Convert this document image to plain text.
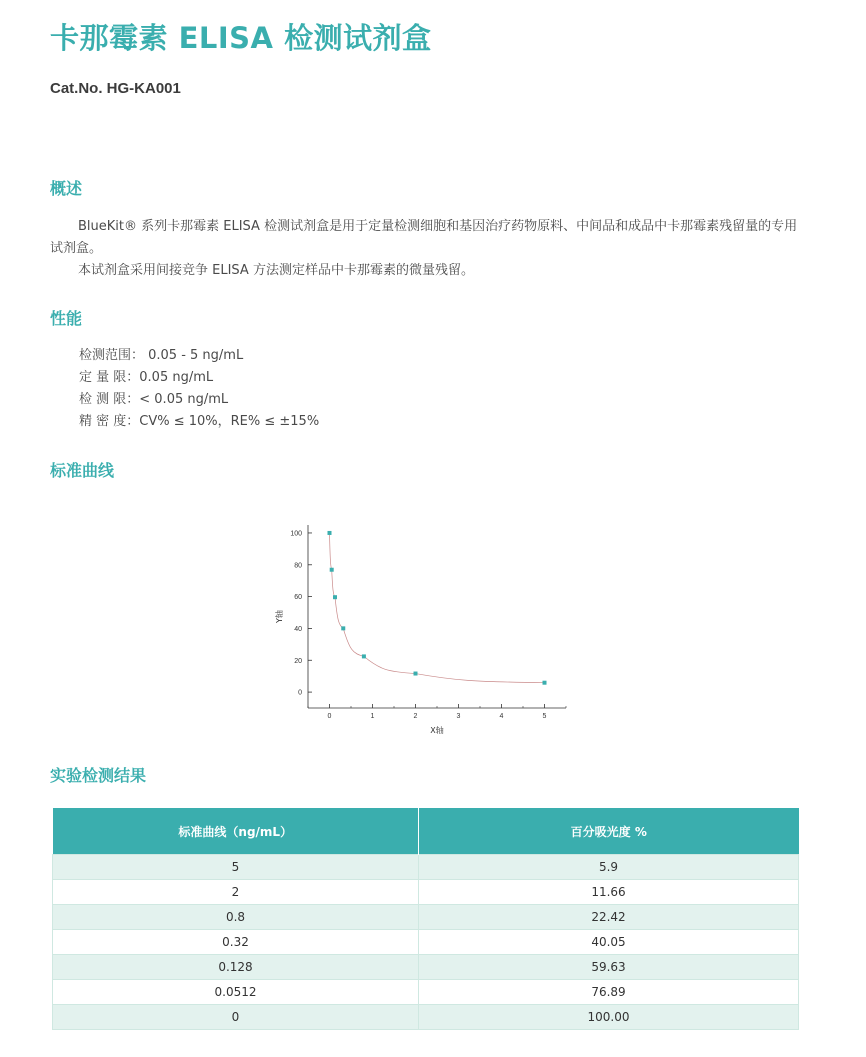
卡那霉素 ELISA 检测试剂盒
Cat.No. HG-KA001
概述

BlueKit® 系列卡那霉素 ELISA 检测试剂盒是用于定量检测细胞和基因治疗药物原料、中间品和成品中卡那霉素残留量的专用试剂盒。

本试剂盒采用间接竞争 ELISA 方法测定样品中卡那霉素的微量残留。

性能
检测范围： 0.05 - 5 ng/mL
定 量 限：0.05 ng/mL
检 测 限：< 0.05 ng/mL
精 密 度：CV% ≤ 10%，RE% ≤ ±15%
标准曲线
0
20
40
60
80
100
0	1	2	3	4	5
X轴
Y轴
实验检测结果
标准曲线（ng/mL）	百分吸光度 %
5	5.9
2	11.66
0.8	22.42
0.32	40.05
0.128	59.63
0.0512	76.89
0	100.00
